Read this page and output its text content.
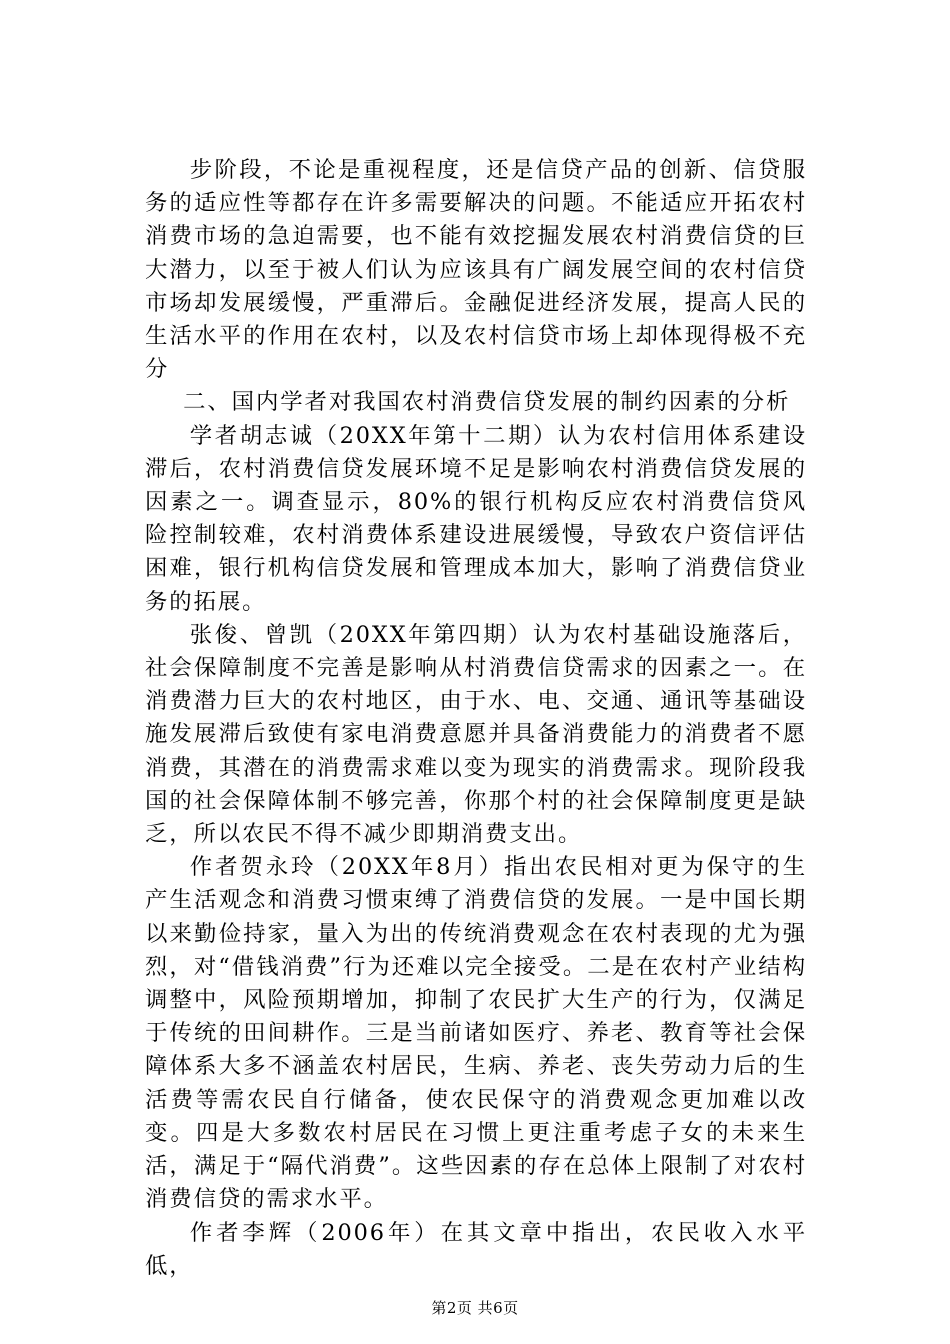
步阶段，不论是重视程度，还是信贷产品的创新、信贷服务的适应性等都存在许多需要解决的问题。不能适应开拓农村消费市场的急迫需要，也不能有效挖掘发展农村消费信贷的巨大潜力，以至于被人们认为应该具有广阔发展空间的农村信贷市场却发展缓慢，严重滞后。金融促进经济发展，提高人民的生活水平的作用在农村，以及农村信贷市场上却体现得极不充分

二、国内学者对我国农村消费信贷发展的制约因素的分析

学者胡志诚（20XX年第十二期）认为农村信用体系建设滞后，农村消费信贷发展环境不足是影响农村消费信贷发展的因素之一。调查显示，80%的银行机构反应农村消费信贷风险控制较难，农村消费体系建设进展缓慢，导致农户资信评估困难，银行机构信贷发展和管理成本加大，影响了消费信贷业务的拓展。

张俊、曾凯（20XX年第四期）认为农村基础设施落后，社会保障制度不完善是影响从村消费信贷需求的因素之一。在消费潜力巨大的农村地区，由于水、电、交通、通讯等基础设施发展滞后致使有家电消费意愿并具备消费能力的消费者不愿消费，其潜在的消费需求难以变为现实的消费需求。现阶段我国的社会保障体制不够完善，你那个村的社会保障制度更是缺乏，所以农民不得不减少即期消费支出。

作者贺永玲（20XX年8月）指出农民相对更为保守的生产生活观念和消费习惯束缚了消费信贷的发展。一是中国长期以来勤俭持家，量入为出的传统消费观念在农村表现的尤为强烈，对“借钱消费”行为还难以完全接受。二是在农村产业结构调整中，风险预期增加，抑制了农民扩大生产的行为，仅满足于传统的田间耕作。三是当前诸如医疗、养老、教育等社会保障体系大多不涵盖农村居民，生病、养老、丧失劳动力后的生活费等需农民自行储备，使农民保守的消费观念更加难以改变。四是大多数农村居民在习惯上更注重考虑子女的未来生活，满足于“隔代消费”。这些因素的存在总体上限制了对农村消费信贷的需求水平。

作者李辉（2006年）在其文章中指出，农民收入水平低，

第2页 共6页
